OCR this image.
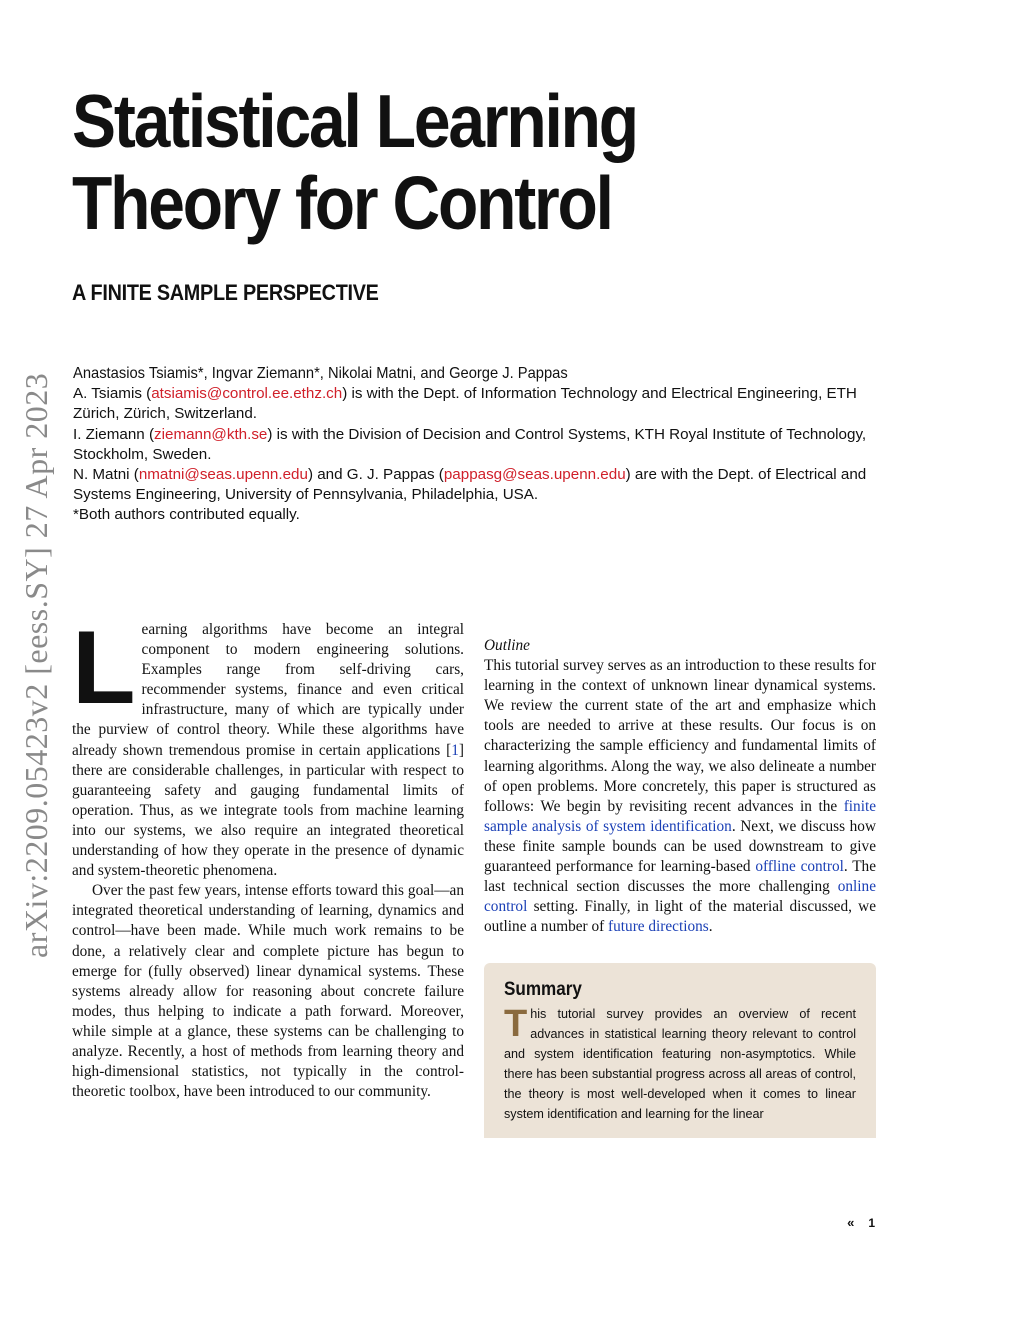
arXiv:2209.05423v2 [eess.SY] 27 Apr 2023
Statistical Learning
Theory for Control
A FINITE SAMPLE PERSPECTIVE
Anastasios Tsiamis*, Ingvar Ziemann*, Nikolai Matni, and George J. Pappas
A. Tsiamis (atsiamis@control.ee.ethz.ch) is with the Dept. of Information Technology and Electrical Engineering, ETH Zürich, Zürich, Switzerland.
I. Ziemann (ziemann@kth.se) is with the Division of Decision and Control Systems, KTH Royal Institute of Technology, Stockholm, Sweden.
N. Matni (nmatni@seas.upenn.edu) and G. J. Pappas (pappasg@seas.upenn.edu) are with the Dept. of Electrical and Systems Engineering, University of Pennsylvania, Philadelphia, USA.
*Both authors contributed equally.

Learning algorithms have become an integral component to modern engineering solutions. Examples range from self-driving cars, recommender systems, finance and even critical infrastructure, many of which are typically under the purview of control theory. While these algorithms have already shown tremendous promise in certain applications [1] there are considerable challenges, in particular with respect to guaranteeing safety and gauging fundamental limits of operation. Thus, as we integrate tools from machine learning into our systems, we also require an integrated theoretical understanding of how they operate in the presence of dynamic and system-theoretic phenomena.

Over the past few years, intense efforts toward this goal—an integrated theoretical understanding of learning, dynamics and control—have been made. While much work remains to be done, a relatively clear and complete picture has begun to emerge for (fully observed) linear dynamical systems. These systems already allow for reasoning about concrete failure modes, thus helping to indicate a path forward. Moreover, while simple at a glance, these systems can be challenging to analyze. Recently, a host of methods from learning theory and high-dimensional statistics, not typically in the control-theoretic toolbox, have been introduced to our community.

Outline

This tutorial survey serves as an introduction to these results for learning in the context of unknown linear dynamical systems. We review the current state of the art and emphasize which tools are needed to arrive at these results. Our focus is on characterizing the sample efficiency and fundamental limits of learning algorithms. Along the way, we also delineate a number of open problems. More concretely, this paper is structured as follows: We begin by revisiting recent advances in the finite sample analysis of system identification. Next, we discuss how these finite sample bounds can be used downstream to give guaranteed performance for learning-based offline control. The last technical section discusses the more challenging online control setting. Finally, in light of the material discussed, we outline a number of future directions.

Summary

This tutorial survey provides an overview of recent advances in statistical learning theory relevant to control and system identification featuring non-asymptotics. While there has been substantial progress across all areas of control, the theory is most well-developed when it comes to linear system identification and learning for the linear

« 1
